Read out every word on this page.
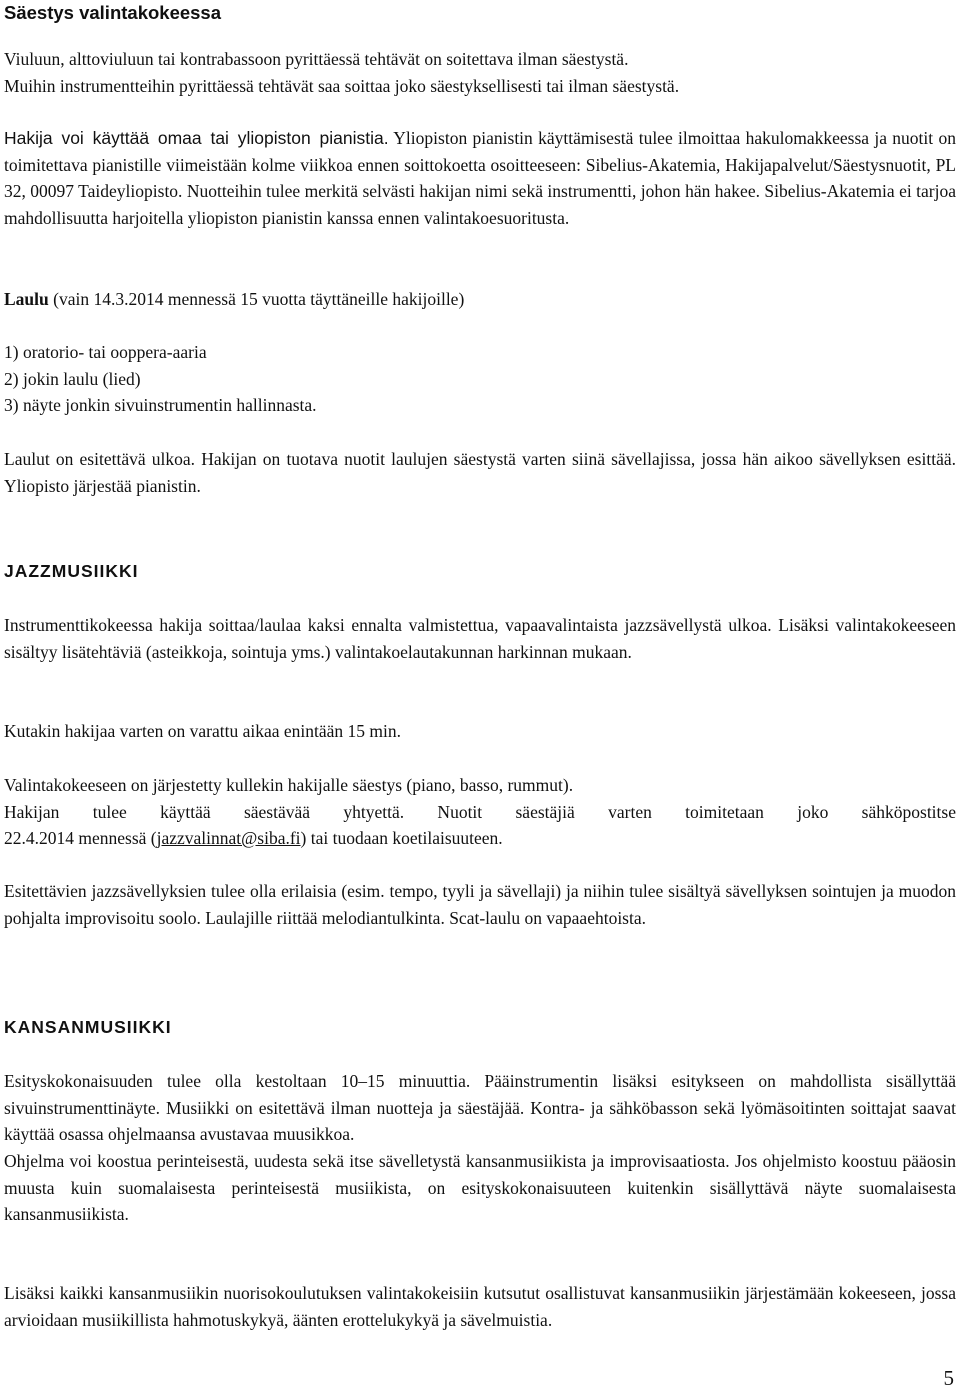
Säestys valintakokeessa
Viuluun, alttoviuluun tai kontrabassoon pyrittäessä tehtävät on soitettava ilman säestystä.
Muihin instrumentteihin pyrittäessä tehtävät saa soittaa joko säestyksellisesti tai ilman säestystä.
Hakija voi käyttää omaa tai yliopiston pianistia. Yliopiston pianistin käyttämisestä tulee ilmoittaa hakulomakkeessa ja nuotit on toimitettava pianistille viimeistään kolme viikkoa ennen soittokoetta osoitteeseen: Sibelius-Akatemia, Hakijapalvelut/Säestysnuotit, PL 32, 00097 Taideyliopisto. Nuotteihin tulee merkitä selvästi hakijan nimi sekä instrumentti, johon hän hakee. Sibelius-Akatemia ei tarjoa mahdollisuutta harjoitella yliopiston pianistin kanssa ennen valintakoesuoritusta.
Laulu (vain 14.3.2014 mennessä 15 vuotta täyttäneille hakijoille)
1) oratorio- tai ooppera-aaria
2) jokin laulu (lied)
3) näyte jonkin sivuinstrumentin hallinnasta.
Laulut on esitettävä ulkoa. Hakijan on tuotava nuotit laulujen säestystä varten siinä sävellajissa, jossa hän aikoo sävellyksen esittää. Yliopisto järjestää pianistin.
JAZZMUSIIKKI
Instrumenttikokeessa hakija soittaa/laulaa kaksi ennalta valmistettua, vapaavalintaista jazzsävellystä ulkoa. Lisäksi valintakokeeseen sisältyy lisätehtäviä (asteikkoja, sointuja yms.) valintakoelautakunnan harkinnan mukaan.
Kutakin hakijaa varten on varattu aikaa enintään 15 min.
Valintakokeeseen on järjestetty kullekin hakijalle säestys (piano, basso, rummut).
Hakijan tulee käyttää säestävää yhtyettä. Nuotit säestäjiä varten toimitetaan joko sähköpostitse
22.4.2014 mennessä (jazzvalinnat@siba.fi) tai tuodaan koetilaisuuteen.
Esitettävien jazzsävellyksien tulee olla erilaisia (esim. tempo, tyyli ja sävellaji) ja niihin tulee sisältyä sävellyksen sointujen ja muodon pohjalta improvisoitu soolo. Laulajille riittää melodiantulkinta. Scat-laulu on vapaaehtoista.
KANSANMUSIIKKI
Esityskokonaisuuden tulee olla kestoltaan 10–15 minuuttia. Pääinstrumentin lisäksi esitykseen on mahdollista sisällyttää sivuinstrumenttinäyte. Musiikki on esitettävä ilman nuotteja ja säestäjää. Kontra- ja sähköbasson sekä lyömäsoitinten soittajat saavat käyttää osassa ohjelmaansa avustavaa muusikkoa.
Ohjelma voi koostua perinteisestä, uudesta sekä itse sävelletystä kansanmusiikista ja improvisaatiosta. Jos ohjelmisto koostuu pääosin muusta kuin suomalaisesta perinteisestä musiikista, on esityskokonaisuuteen kuitenkin sisällyttävä näyte suomalaisesta kansanmusiikista.
Lisäksi kaikki kansanmusiikin nuorisokoulutuksen valintakokeisiin kutsutut osallistuvat kansanmusiikin järjestämään kokeeseen, jossa arvioidaan musiikillista hahmotuskykyä, äänten erottelukykyä ja sävelmuistia.
5
